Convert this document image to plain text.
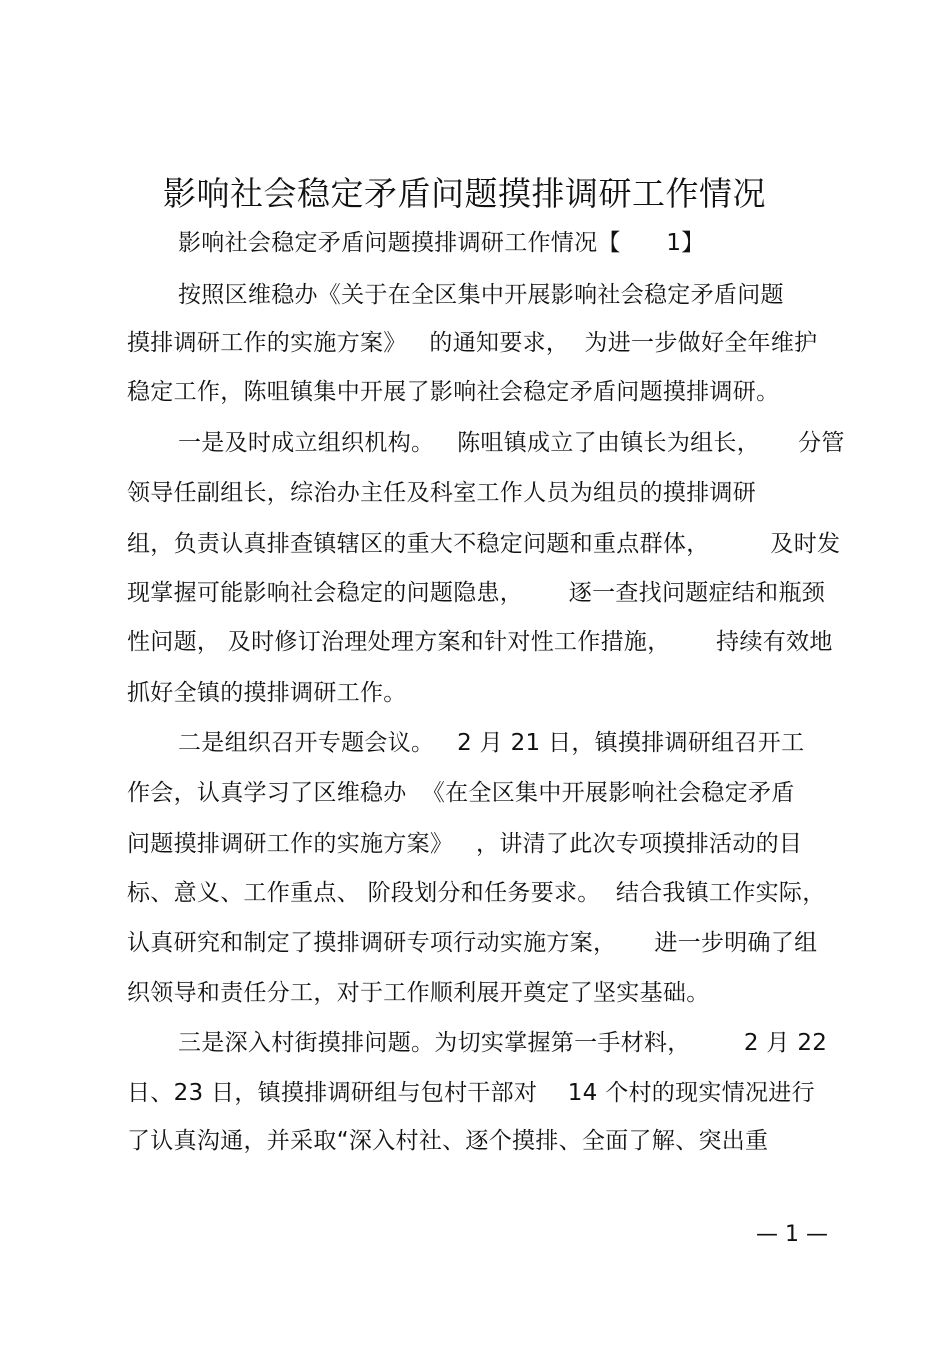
影响社会稳定矛盾问题摸排调研工作情况
影响社会稳定矛盾问题摸排调研工作情况【      1】
按照区维稳办《关于在全区集中开展影响社会稳定矛盾问题
摸排调研工作的实施方案》   的通知要求，  为进一步做好全年维护
稳定工作，陈咀镇集中开展了影响社会稳定矛盾问题摸排调研。
一是及时成立组织机构。   陈咀镇成立了由镇长为组长，     分管
领导任副组长，综治办主任及科室工作人员为组员的摸排调研
组，负责认真排查镇辖区的重大不稳定问题和重点群体，        及时发
现掌握可能影响社会稳定的问题隐患，      逐一查找问题症结和瓶颈
性问题， 及时修订治理处理方案和针对性工作措施，      持续有效地
抓好全镇的摸排调研工作。
二是组织召开专题会议。   2 月 21 日，镇摸排调研组召开工
作会，认真学习了区维稳办  《在全区集中开展影响社会稳定矛盾
问题摸排调研工作的实施方案》   ，讲清了此次专项摸排活动的目
标、意义、工作重点、 阶段划分和任务要求。  结合我镇工作实际，
认真研究和制定了摸排调研专项行动实施方案，     进一步明确了组
织领导和责任分工，对于工作顺利展开奠定了坚实基础。
三是深入村街摸排问题。为切实掌握第一手材料，       2 月 22
日、23 日，镇摸排调研组与包村干部对    14 个村的现实情况进行
了认真沟通，并采取“深入村社、逐个摸排、全面了解、突出重
— 1 —
